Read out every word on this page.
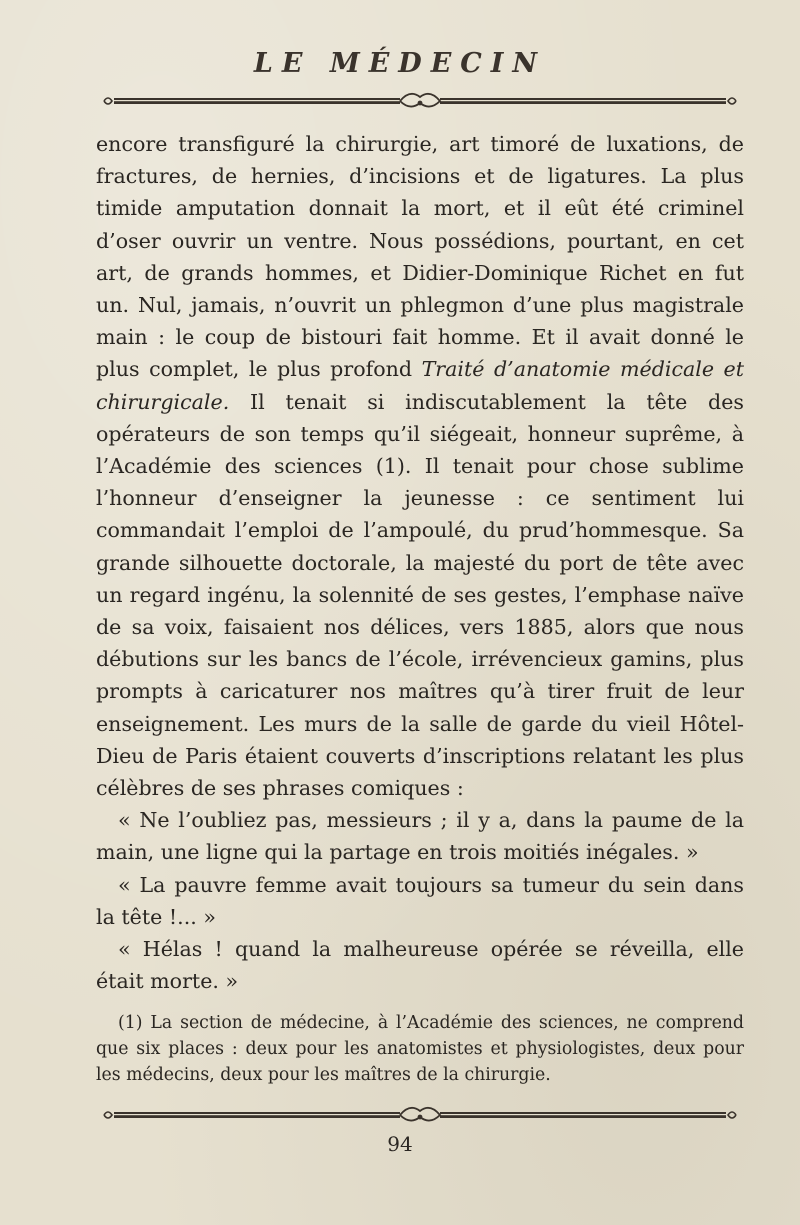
LE MÉDECIN

encore transfiguré la chirurgie, art timoré de luxations, de fractures, de hernies, d’incisions et de ligatures. La plus timide amputation donnait la mort, et il eût été criminel d’oser ouvrir un ventre. Nous possédions, pourtant, en cet art, de grands hommes, et Didier-Dominique Richet en fut un. Nul, jamais, n’ouvrit un phlegmon d’une plus magistrale main : le coup de bistouri fait homme. Et il avait donné le plus complet, le plus profond Traité d’anatomie médicale et chirurgicale. Il tenait si indiscutablement la tête des opérateurs de son temps qu’il siégeait, honneur suprême, à l’Académie des sciences (1). Il tenait pour chose sublime l’honneur d’enseigner la jeunesse : ce sentiment lui commandait l’emploi de l’ampoulé, du prud’hommesque. Sa grande silhouette doctorale, la majesté du port de tête avec un regard ingénu, la solennité de ses gestes, l’emphase naïve de sa voix, faisaient nos délices, vers 1885, alors que nous débutions sur les bancs de l’école, irrévencieux gamins, plus prompts à caricaturer nos maîtres qu’à tirer fruit de leur enseignement. Les murs de la salle de garde du vieil Hôtel-Dieu de Paris étaient couverts d’inscriptions relatant les plus célèbres de ses phrases comiques :

« Ne l’oubliez pas, messieurs ; il y a, dans la paume de la main, une ligne qui la partage en trois moitiés inégales. »

« La pauvre femme avait toujours sa tumeur du sein dans la tête !... »

« Hélas ! quand la malheureuse opérée se réveilla, elle était morte. »

(1) La section de médecine, à l’Académie des sciences, ne comprend que six places : deux pour les anatomistes et physiologistes, deux pour les médecins, deux pour les maîtres de la chirurgie.

94
